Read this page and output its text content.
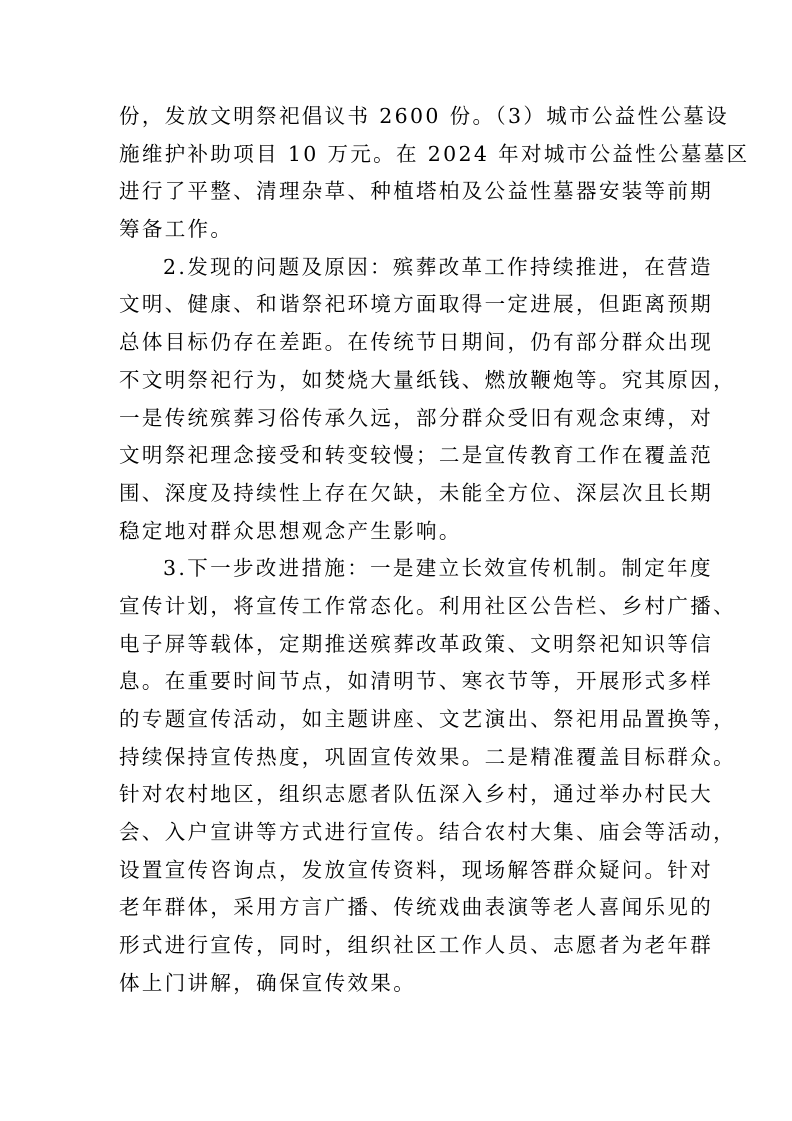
份，发放文明祭祀倡议书 2600 份。（3）城市公益性公墓设
施维护补助项目 10 万元。在 2024 年对城市公益性公墓墓区
进行了平整、清理杂草、种植塔柏及公益性墓器安装等前期
筹备工作。
2.发现的问题及原因：殡葬改革工作持续推进，在营造
文明、健康、和谐祭祀环境方面取得一定进展，但距离预期
总体目标仍存在差距。在传统节日期间，仍有部分群众出现
不文明祭祀行为，如焚烧大量纸钱、燃放鞭炮等。究其原因，
一是传统殡葬习俗传承久远，部分群众受旧有观念束缚，对
文明祭祀理念接受和转变较慢；二是宣传教育工作在覆盖范
围、深度及持续性上存在欠缺，未能全方位、深层次且长期
稳定地对群众思想观念产生影响。
3.下一步改进措施：一是建立长效宣传机制。制定年度
宣传计划，将宣传工作常态化。利用社区公告栏、乡村广播、
电子屏等载体，定期推送殡葬改革政策、文明祭祀知识等信
息。在重要时间节点，如清明节、寒衣节等，开展形式多样
的专题宣传活动，如主题讲座、文艺演出、祭祀用品置换等，
持续保持宣传热度，巩固宣传效果。二是精准覆盖目标群众。
针对农村地区，组织志愿者队伍深入乡村，通过举办村民大
会、入户宣讲等方式进行宣传。结合农村大集、庙会等活动，
设置宣传咨询点，发放宣传资料，现场解答群众疑问。针对
老年群体，采用方言广播、传统戏曲表演等老人喜闻乐见的
形式进行宣传，同时，组织社区工作人员、志愿者为老年群
体上门讲解，确保宣传效果。
